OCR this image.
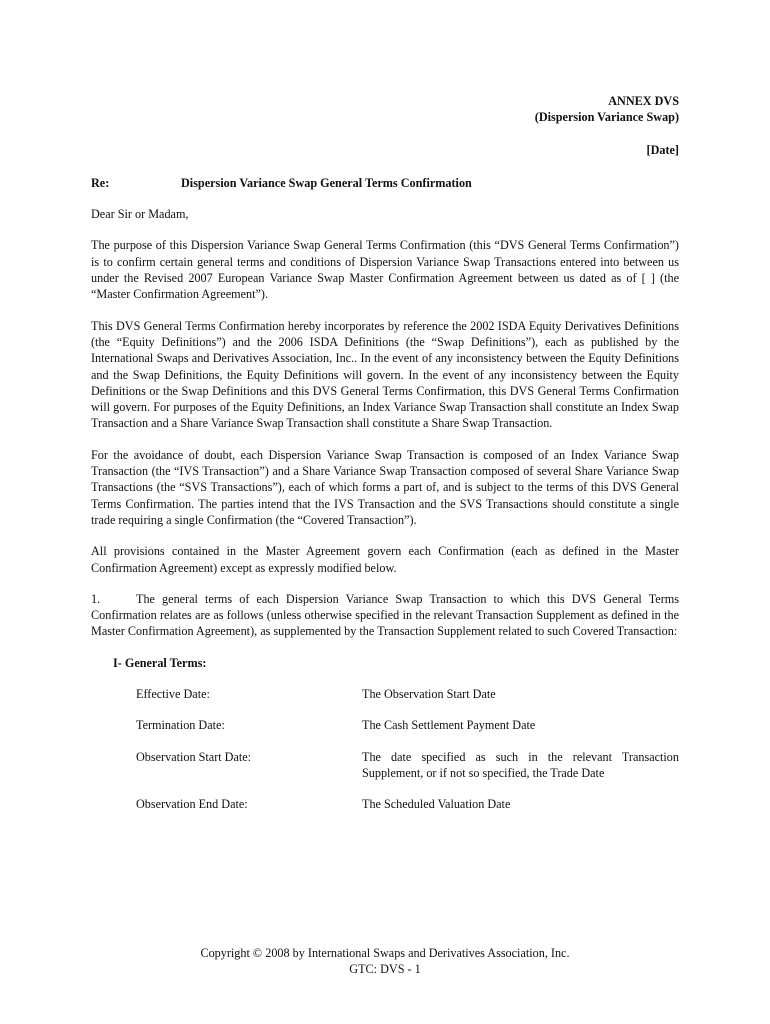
ANNEX DVS
(Dispersion Variance Swap)
[Date]
Re:	Dispersion Variance Swap General Terms Confirmation
Dear Sir or Madam,

The purpose of this Dispersion Variance Swap General Terms Confirmation (this “DVS General Terms Confirmation”) is to confirm certain general terms and conditions of Dispersion Variance Swap Transactions entered into between us under the Revised 2007 European Variance Swap Master Confirmation Agreement between us dated as of [ ] (the “Master Confirmation Agreement”).

This DVS General Terms Confirmation hereby incorporates by reference the 2002 ISDA Equity Derivatives Definitions (the “Equity Definitions”) and the 2006 ISDA Definitions (the “Swap Definitions”), each as published by the International Swaps and Derivatives Association, Inc.. In the event of any inconsistency between the Equity Definitions and the Swap Definitions, the Equity Definitions will govern. In the event of any inconsistency between the Equity Definitions or the Swap Definitions and this DVS General Terms Confirmation, this DVS General Terms Confirmation will govern. For purposes of the Equity Definitions, an Index Variance Swap Transaction shall constitute an Index Swap Transaction and a Share Variance Swap Transaction shall constitute a Share Swap Transaction.

For the avoidance of doubt, each Dispersion Variance Swap Transaction is composed of an Index Variance Swap Transaction (the “IVS Transaction”) and a Share Variance Swap Transaction composed of several Share Variance Swap Transactions (the “SVS Transactions”), each of which forms a part of, and is subject to the terms of this DVS General Terms Confirmation. The parties intend that the IVS Transaction and the SVS Transactions should constitute a single trade requiring a single Confirmation (the “Covered Transaction”).

All provisions contained in the Master Agreement govern each Confirmation (each as defined in the Master Confirmation Agreement) except as expressly modified below.

1.	The general terms of each Dispersion Variance Swap Transaction to which this DVS General Terms Confirmation relates are as follows (unless otherwise specified in the relevant Transaction Supplement as defined in the Master Confirmation Agreement), as supplemented by the Transaction Supplement related to such Covered Transaction:

I- General Terms:
Effective Date:	The Observation Start Date
Termination Date:	The Cash Settlement Payment Date
Observation Start Date:	The date specified as such in the relevant Transaction Supplement, or if not so specified, the Trade Date
Observation End Date:	The Scheduled Valuation Date
Copyright © 2008 by International Swaps and Derivatives Association, Inc.
GTC: DVS - 1
